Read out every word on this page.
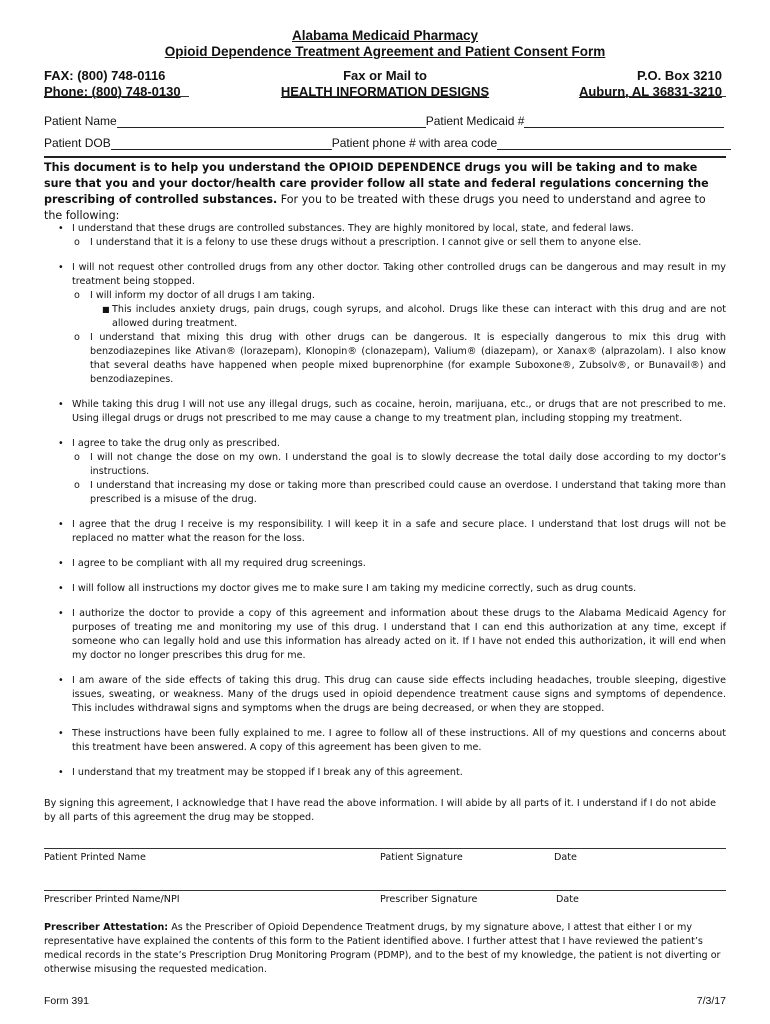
Alabama Medicaid Pharmacy
Opioid Dependence Treatment Agreement and Patient Consent Form
FAX: (800) 748-0116
Phone: (800) 748-0130
Fax or Mail to
HEALTH INFORMATION DESIGNS
P.O. Box 3210
Auburn, AL 36831-3210
Patient Name	Patient Medicaid #
Patient DOB	Patient phone # with area code
This document is to help you understand the OPIOID DEPENDENCE drugs you will be taking and to make sure that you and your doctor/health care provider follow all state and federal regulations concerning the prescribing of controlled substances. For you to be treated with these drugs you need to understand and agree to the following:
• I understand that these drugs are controlled substances. They are highly monitored by local, state, and federal laws.
o I understand that it is a felony to use these drugs without a prescription. I cannot give or sell them to anyone else.
• I will not request other controlled drugs from any other doctor. Taking other controlled drugs can be dangerous and may result in my treatment being stopped.
o I will inform my doctor of all drugs I am taking.
■ This includes anxiety drugs, pain drugs, cough syrups, and alcohol. Drugs like these can interact with this drug and are not allowed during treatment.
o I understand that mixing this drug with other drugs can be dangerous. It is especially dangerous to mix this drug with benzodiazepines like Ativan® (lorazepam), Klonopin® (clonazepam), Valium® (diazepam), or Xanax® (alprazolam). I also know that several deaths have happened when people mixed buprenorphine (for example Suboxone®, Zubsolv®, or Bunavail®) and benzodiazepines.
• While taking this drug I will not use any illegal drugs, such as cocaine, heroin, marijuana, etc., or drugs that are not prescribed to me. Using illegal drugs or drugs not prescribed to me may cause a change to my treatment plan, including stopping my treatment.
• I agree to take the drug only as prescribed.
o I will not change the dose on my own. I understand the goal is to slowly decrease the total daily dose according to my doctor’s instructions.
o I understand that increasing my dose or taking more than prescribed could cause an overdose. I understand that taking more than prescribed is a misuse of the drug.
• I agree that the drug I receive is my responsibility. I will keep it in a safe and secure place. I understand that lost drugs will not be replaced no matter what the reason for the loss.
• I agree to be compliant with all my required drug screenings.
• I will follow all instructions my doctor gives me to make sure I am taking my medicine correctly, such as drug counts.
• I authorize the doctor to provide a copy of this agreement and information about these drugs to the Alabama Medicaid Agency for purposes of treating me and monitoring my use of this drug. I understand that I can end this authorization at any time, except if someone who can legally hold and use this information has already acted on it. If I have not ended this authorization, it will end when my doctor no longer prescribes this drug for me.
• I am aware of the side effects of taking this drug. This drug can cause side effects including headaches, trouble sleeping, digestive issues, sweating, or weakness. Many of the drugs used in opioid dependence treatment cause signs and symptoms of dependence. This includes withdrawal signs and symptoms when the drugs are being decreased, or when they are stopped.
• These instructions have been fully explained to me. I agree to follow all of these instructions. All of my questions and concerns about this treatment have been answered. A copy of this agreement has been given to me.
• I understand that my treatment may be stopped if I break any of this agreement.
By signing this agreement, I acknowledge that I have read the above information. I will abide by all parts of it. I understand if I do not abide by all parts of this agreement the drug may be stopped.
Patient Printed Name	Patient Signature	Date
Prescriber Printed Name/NPI	Prescriber Signature	Date
Prescriber Attestation: As the Prescriber of Opioid Dependence Treatment drugs, by my signature above, I attest that either I or my representative have explained the contents of this form to the Patient identified above. I further attest that I have reviewed the patient’s medical records in the state’s Prescription Drug Monitoring Program (PDMP), and to the best of my knowledge, the patient is not diverting or otherwise misusing the requested medication.
Form 391	7/3/17
